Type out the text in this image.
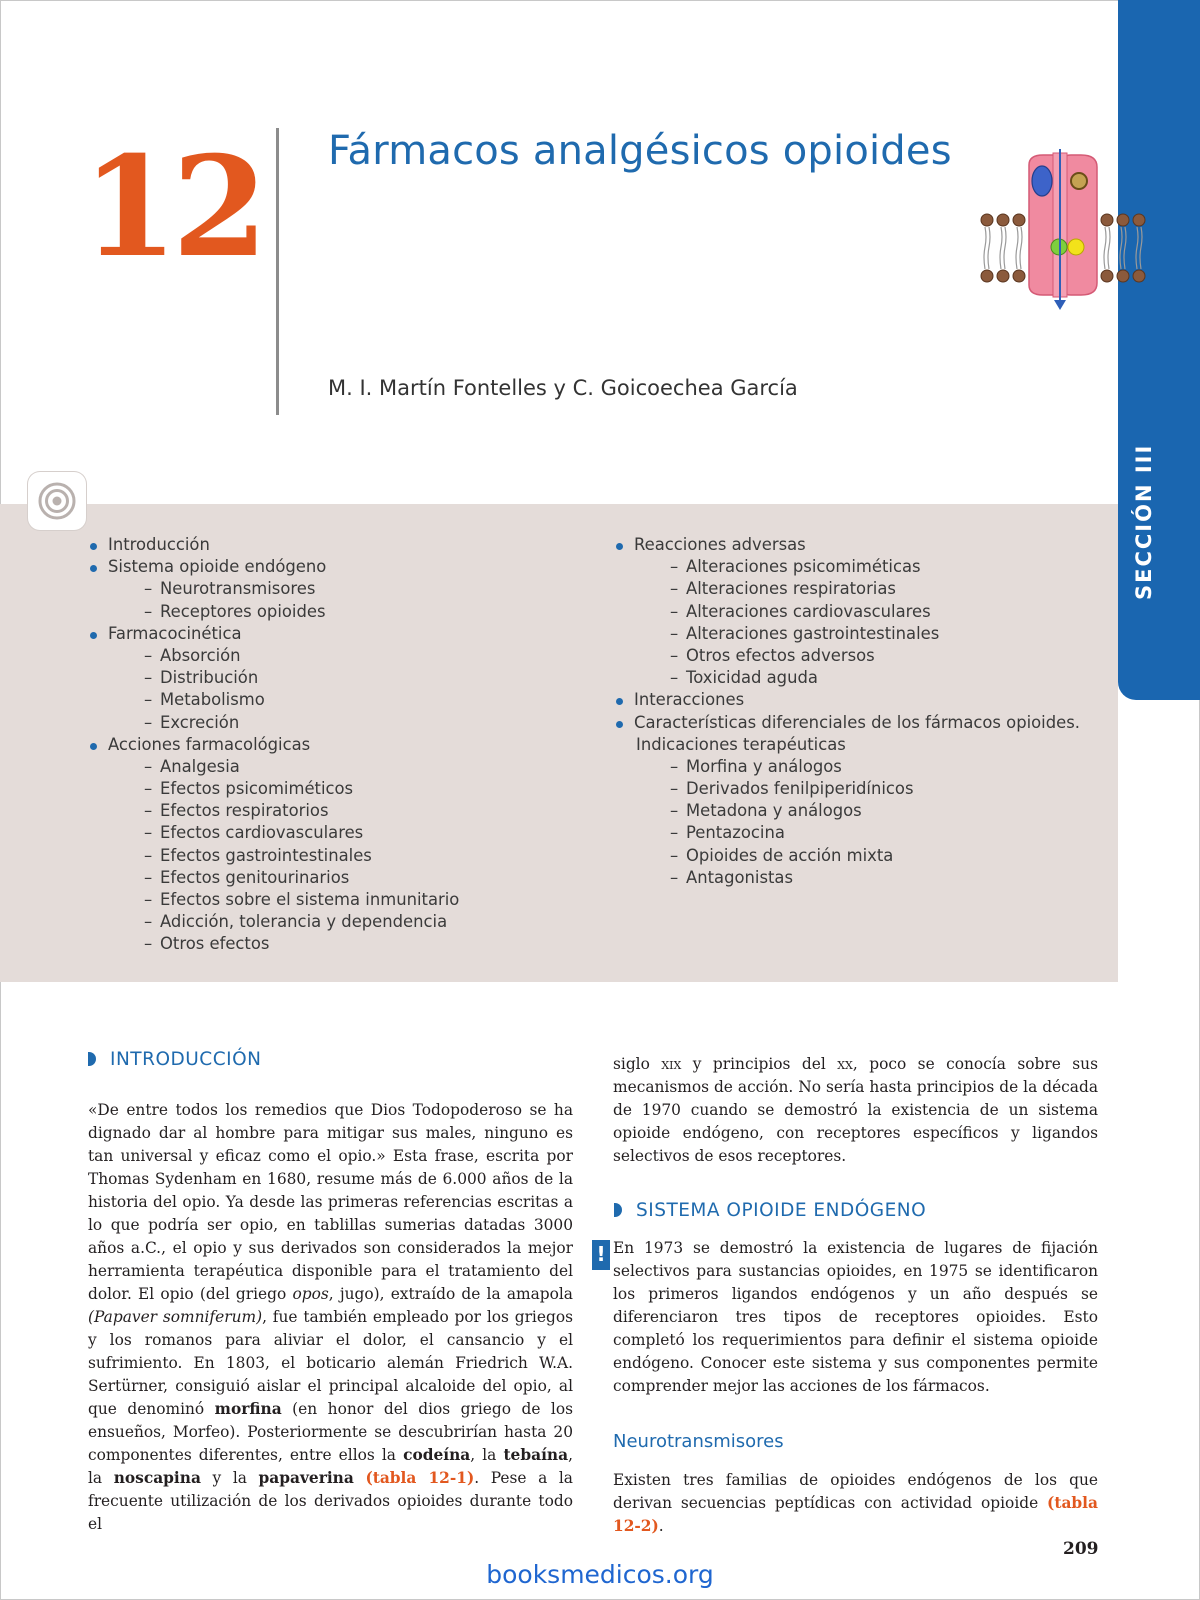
12 Fármacos analgésicos opioides
M. I. Martín Fontelles y C. Goicoechea García
SECCIÓN III
Introducción
Sistema opioide endógeno
– Neurotransmisores
– Receptores opioides
Farmacocinética
– Absorción
– Distribución
– Metabolismo
– Excreción
Acciones farmacológicas
– Analgesia
– Efectos psicomiméticos
– Efectos respiratorios
– Efectos cardiovasculares
– Efectos gastrointestinales
– Efectos genitourinarios
– Efectos sobre el sistema inmunitario
– Adicción, tolerancia y dependencia
– Otros efectos
Reacciones adversas
– Alteraciones psicomiméticas
– Alteraciones respiratorias
– Alteraciones cardiovasculares
– Alteraciones gastrointestinales
– Otros efectos adversos
– Toxicidad aguda
Interacciones
Características diferenciales de los fármacos opioides.
Indicaciones terapéuticas
– Morfina y análogos
– Derivados fenilpiperidínicos
– Metadona y análogos
– Pentazocina
– Opioides de acción mixta
– Antagonistas
INTRODUCCIÓN
«De entre todos los remedios que Dios Todopoderoso se ha dignado dar al hombre para mitigar sus males, ninguno es tan universal y eficaz como el opio.» Esta frase, escrita por Thomas Sydenham en 1680, resume más de 6.000 años de la historia del opio. Ya desde las primeras referencias escritas a lo que podría ser opio, en tablillas sumerias datadas 3000 años a.C., el opio y sus derivados son considerados la mejor herramienta terapéutica disponible para el tratamiento del dolor. El opio (del griego opos, jugo), extraído de la amapola (Papaver somniferum), fue también empleado por los griegos y los romanos para aliviar el dolor, el cansancio y el sufrimiento. En 1803, el boticario alemán Friedrich W.A. Sertürner, consiguió aislar el principal alcaloide del opio, al que denominó morfina (en honor del dios griego de los ensueños, Morfeo). Posteriormente se descubrirían hasta 20 componentes diferentes, entre ellos la codeína, la tebaína, la noscapina y la papaverina (tabla 12-1). Pese a la frecuente utilización de los derivados opioides durante todo el
siglo xix y principios del xx, poco se conocía sobre sus mecanismos de acción. No sería hasta principios de la década de 1970 cuando se demostró la existencia de un sistema opioide endógeno, con receptores específicos y ligandos selectivos de esos receptores.
SISTEMA OPIOIDE ENDÓGENO
! En 1973 se demostró la existencia de lugares de fijación selectivos para sustancias opioides, en 1975 se identificaron los primeros ligandos endógenos y un año después se diferenciaron tres tipos de receptores opioides. Esto completó los requerimientos para definir el sistema opioide endógeno. Conocer este sistema y sus componentes permite comprender mejor las acciones de los fármacos.
Neurotransmisores
Existen tres familias de opioides endógenos de los que derivan secuencias peptídicas con actividad opioide (tabla 12-2).
209
booksmedicos.org
